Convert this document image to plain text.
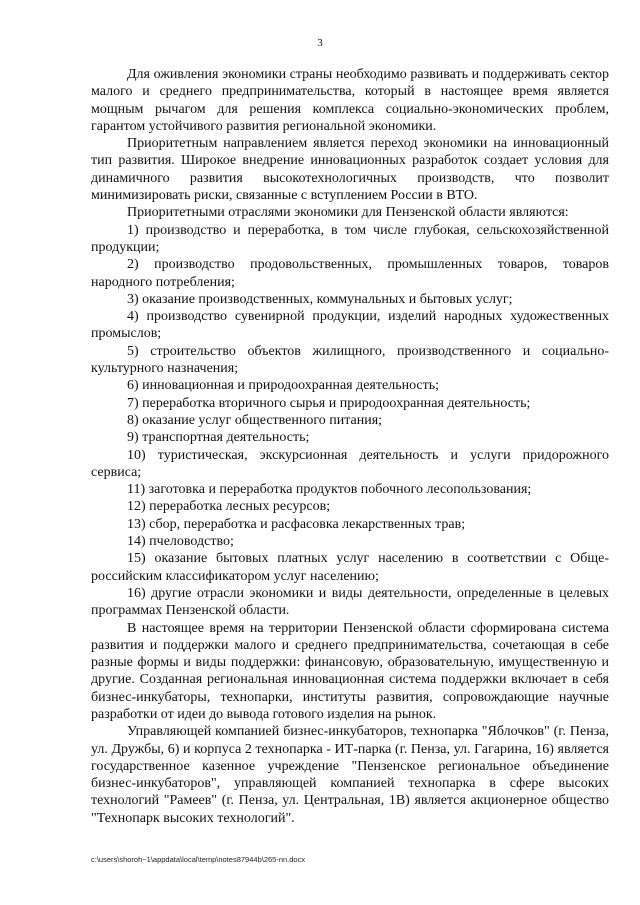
3

Для оживления экономики страны необходимо развивать и поддерживать сектор малого и среднего предпринимательства, который в настоящее время является мощным рычагом для решения комплекса социально-экономических проблем, гарантом устойчивого развития региональной экономики.

Приоритетным направлением является переход экономики на инновационный тип развития. Широкое внедрение инновационных разработок создает условия для динамичного развития высокотехнологичных производств, что позволит минимизировать риски, связанные с вступлением России в ВТО.

Приоритетными отраслями экономики для Пензенской области являются:

1) производство и переработка, в том числе глубокая, сельскохозяйственной продукции;

2) производство продовольственных, промышленных товаров, товаров народного потребления;

3) оказание производственных, коммунальных и бытовых услуг;

4) производство сувенирной продукции, изделий народных художественных промыслов;

5) строительство объектов жилищного, производственного и социально-культурного назначения;

6) инновационная и природоохранная деятельность;

7) переработка вторичного сырья и природоохранная деятельность;

8) оказание услуг общественного питания;

9) транспортная деятельность;

10) туристическая, экскурсионная деятельность и услуги придорожного сервиса;

11) заготовка и переработка продуктов побочного лесопользования;

12) переработка лесных ресурсов;

13) сбор, переработка и расфасовка лекарственных трав;

14) пчеловодство;

15) оказание бытовых платных услуг населению в соответствии с Общероссийским классификатором услуг населению;

16) другие отрасли экономики и виды деятельности, определенные в целевых программах Пензенской области.

В настоящее время на территории Пензенской области сформирована система развития и поддержки малого и среднего предпринимательства, сочетающая в себе разные формы и виды поддержки: финансовую, образовательную, имущественную и другие. Созданная региональная инновационная система поддержки включает в себя бизнес-инкубаторы, технопарки, институты развития, сопровождающие научные разработки от идеи до вывода готового изделия на рынок.

Управляющей компанией бизнес-инкубаторов, технопарка "Яблочков" (г. Пенза, ул. Дружбы, 6) и корпуса 2 технопарка - ИТ-парка (г. Пенза, ул. Гагарина, 16) является государственное казенное учреждение "Пензенское региональное объединение бизнес-инкубаторов", управляющей компанией технопарка в сфере высоких технологий "Рамеев" (г. Пенза, ул. Центральная, 1В) является акционерное общество "Технопарк высоких технологий".

c:\users\shoroh~1\appdata\local\temp\notes87944b\265-nn.docx
